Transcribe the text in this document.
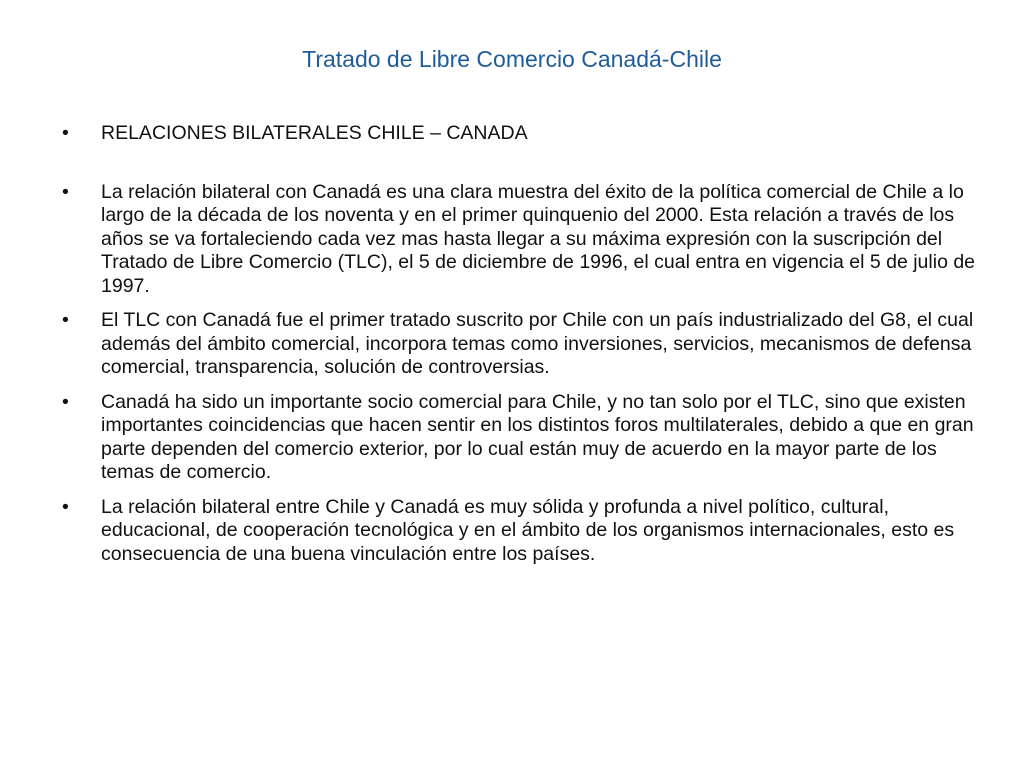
Tratado de Libre Comercio Canadá-Chile
• RELACIONES BILATERALES CHILE – CANADA
• La relación bilateral con Canadá es una clara muestra del éxito de la política comercial de Chile a lo largo de la década de los noventa y en el primer quinquenio del 2000. Esta relación a través de los años se va fortaleciendo cada vez mas hasta llegar a su máxima expresión con la suscripción del Tratado de Libre Comercio (TLC), el 5 de diciembre de 1996, el cual entra en vigencia el 5 de julio de 1997.
• El TLC con Canadá fue el primer tratado suscrito por Chile con un país industrializado del G8, el cual además del ámbito comercial, incorpora temas como inversiones, servicios, mecanismos de defensa comercial, transparencia, solución de controversias.
• Canadá ha sido un importante socio comercial para Chile, y no tan solo por el TLC, sino que existen importantes coincidencias que hacen sentir en los distintos foros multilaterales, debido a que en gran parte dependen del comercio exterior, por lo cual están muy de acuerdo en la mayor parte de los temas de comercio.
• La relación bilateral entre Chile y Canadá es muy sólida y profunda a nivel político, cultural, educacional, de cooperación tecnológica y en el ámbito de los organismos internacionales, esto es consecuencia de una buena vinculación entre los países.
